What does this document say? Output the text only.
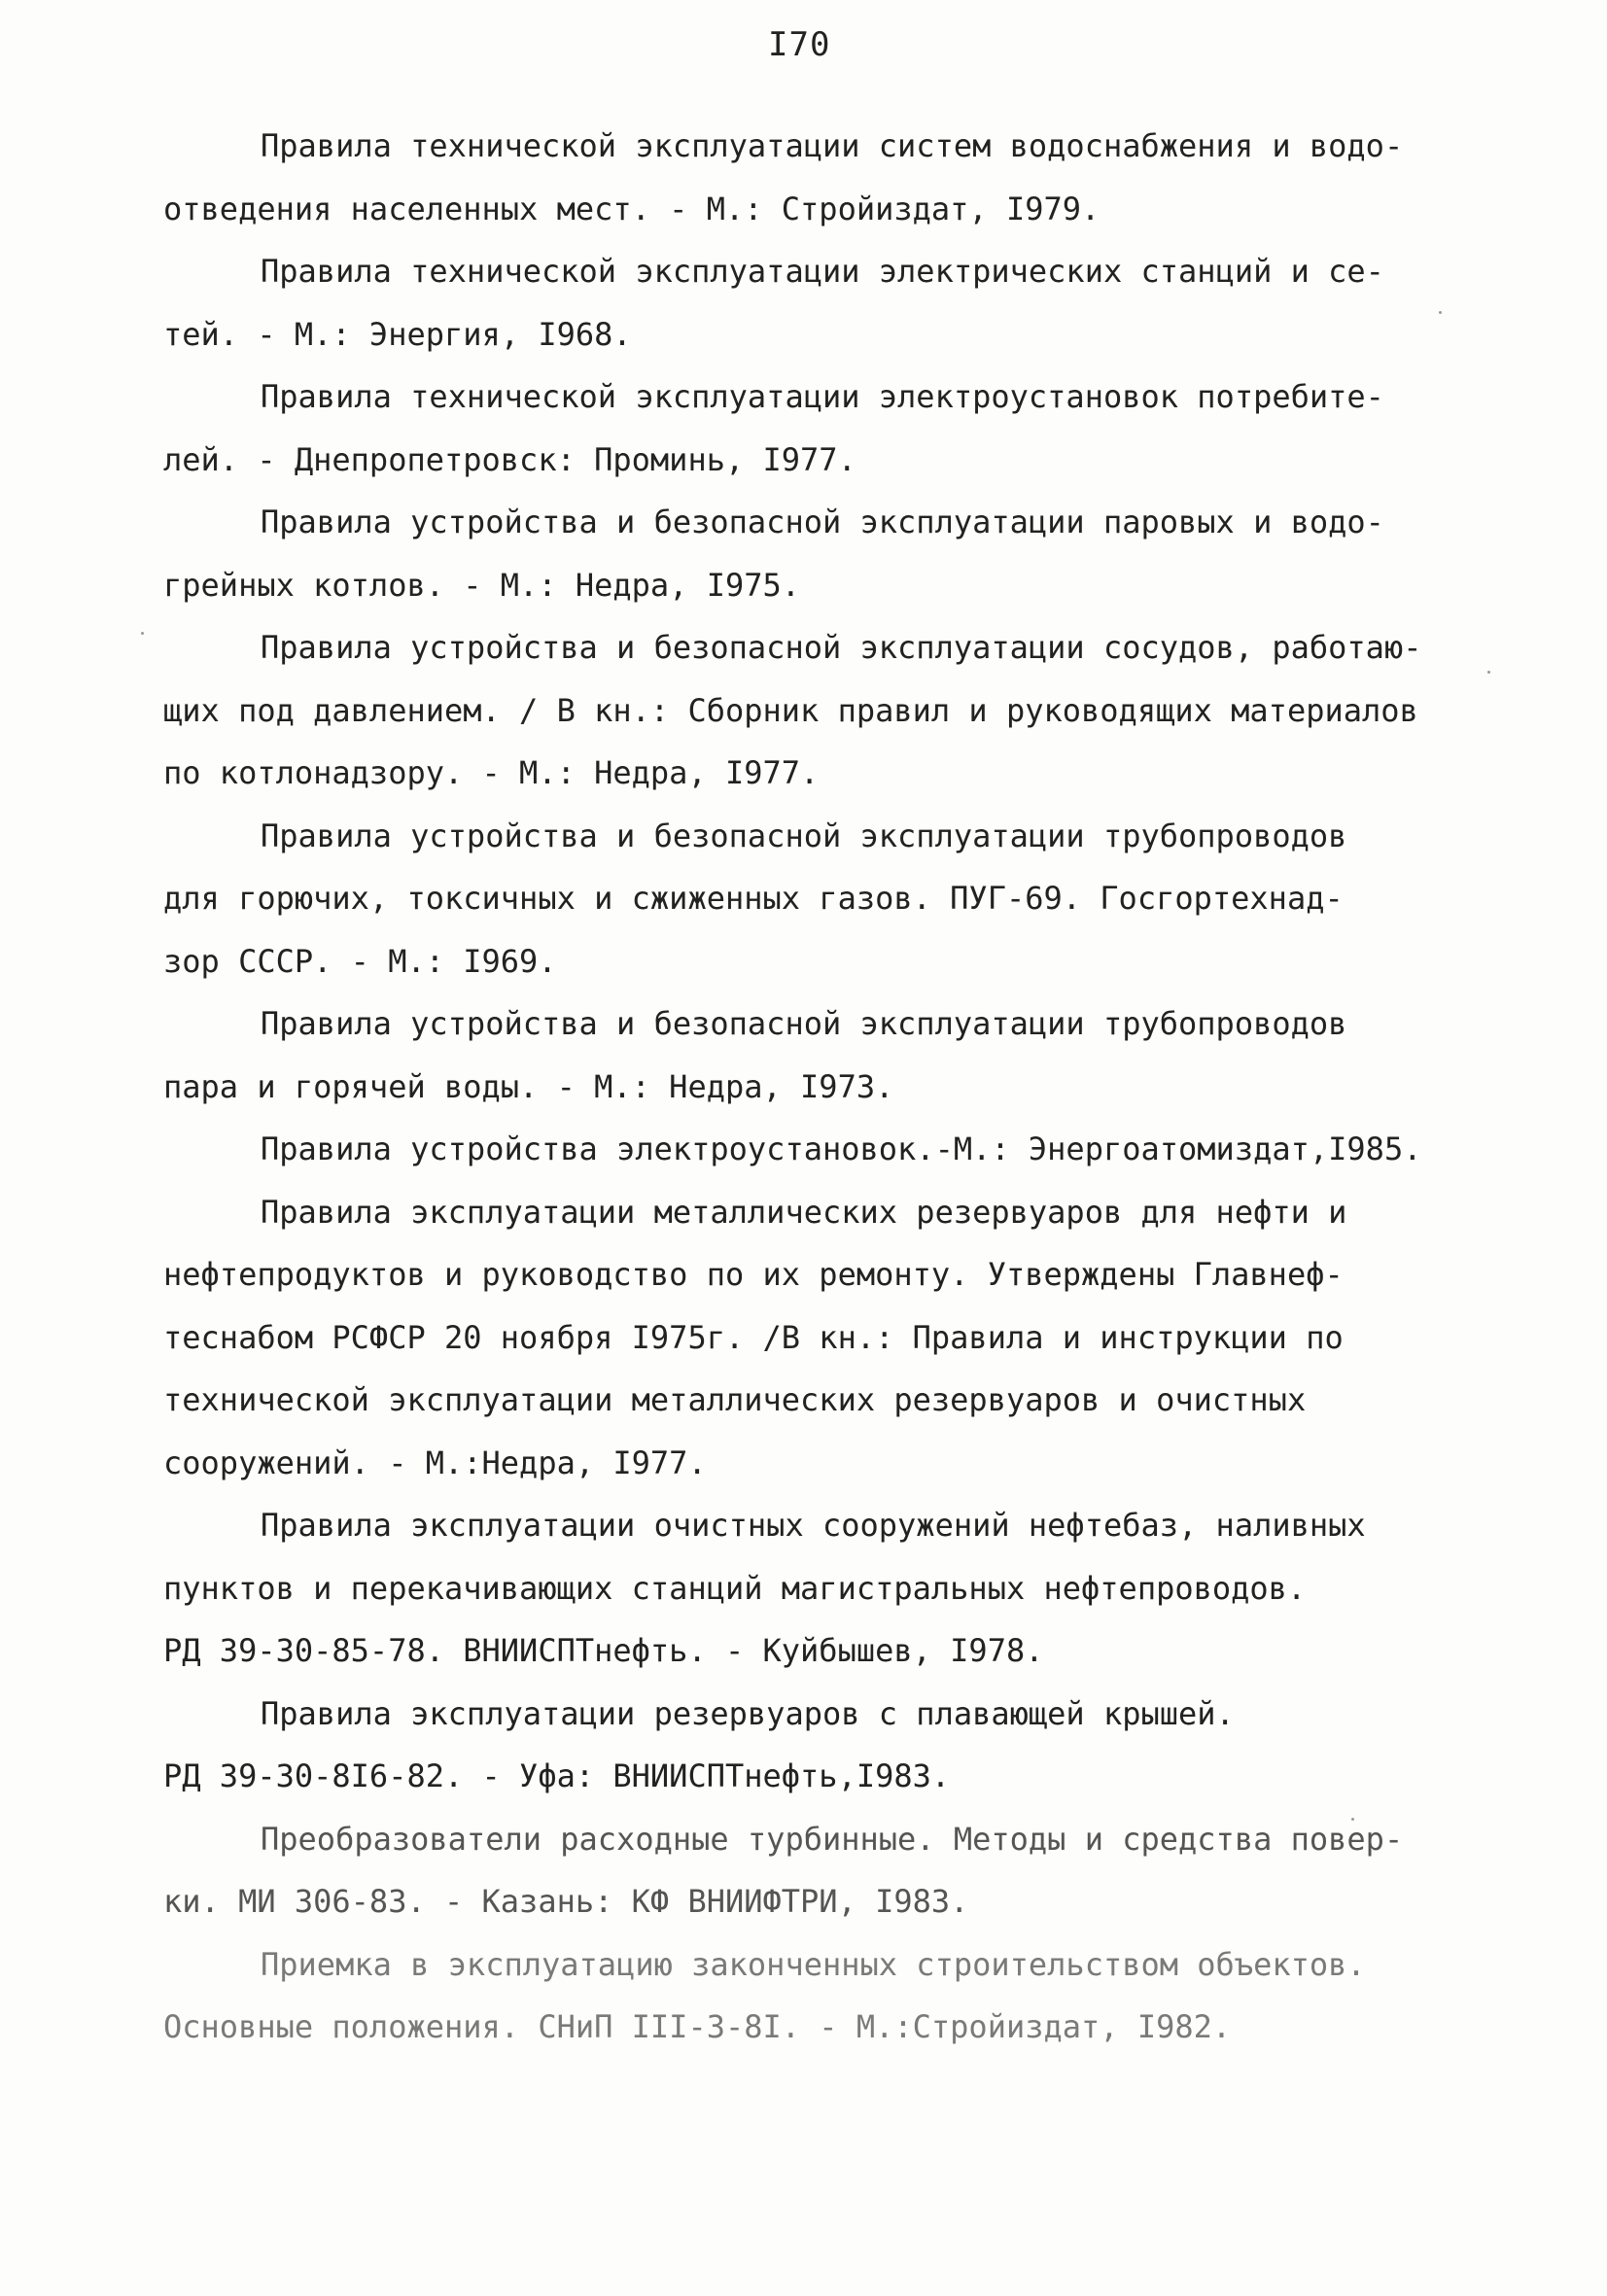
I70

Правила технической эксплуатации систем водоснабжения и водо-
отведения населенных мест. - М.: Стройиздат, I979.

Правила технической эксплуатации электрических станций и се-
тей. - М.: Энергия, I968.

Правила технической эксплуатации электроустановок потребите-
лей. - Днепропетровск: Проминь, I977.

Правила устройства и безопасной эксплуатации паровых и водо-
грейных котлов. - М.: Недра, I975.

Правила устройства и безопасной эксплуатации сосудов, работаю-
щих под давлением. / В кн.: Сборник правил и руководящих материалов
по котлонадзору. - М.: Недра, I977.

Правила устройства и безопасной эксплуатации трубопроводов
для горючих, токсичных и сжиженных газов. ПУГ-69. Госгортехнад-
зор СССР. - М.: I969.

Правила устройства и безопасной эксплуатации трубопроводов
пара и горячей воды. - М.: Недра, I973.

Правила устройства электроустановок.-М.: Энергоатомиздат,I985.

Правила эксплуатации металлических резервуаров для нефти и
нефтепродуктов и руководство по их ремонту. Утверждены Главнеф-
теснабом РСФСР 20 ноября I975г. /В кн.: Правила и инструкции по
технической эксплуатации металлических резервуаров и очистных
сооружений. - М.:Недра, I977.

Правила эксплуатации очистных сооружений нефтебаз, наливных
пунктов и перекачивающих станций магистральных нефтепроводов.
РД 39-30-85-78. ВНИИСПТнефть. - Куйбышев, I978.

Правила эксплуатации резервуаров с плавающей крышей.
РД 39-30-8I6-82. - Уфа: ВНИИСПТнефть,I983.

Преобразователи расходные турбинные. Методы и средства повер-
ки. МИ 306-83. - Казань: КФ ВНИИФТРИ, I983.

Приемка в эксплуатацию законченных строительством объектов.
Основные положения. СНиП III-3-8I. - М.:Стройиздат, I982.
